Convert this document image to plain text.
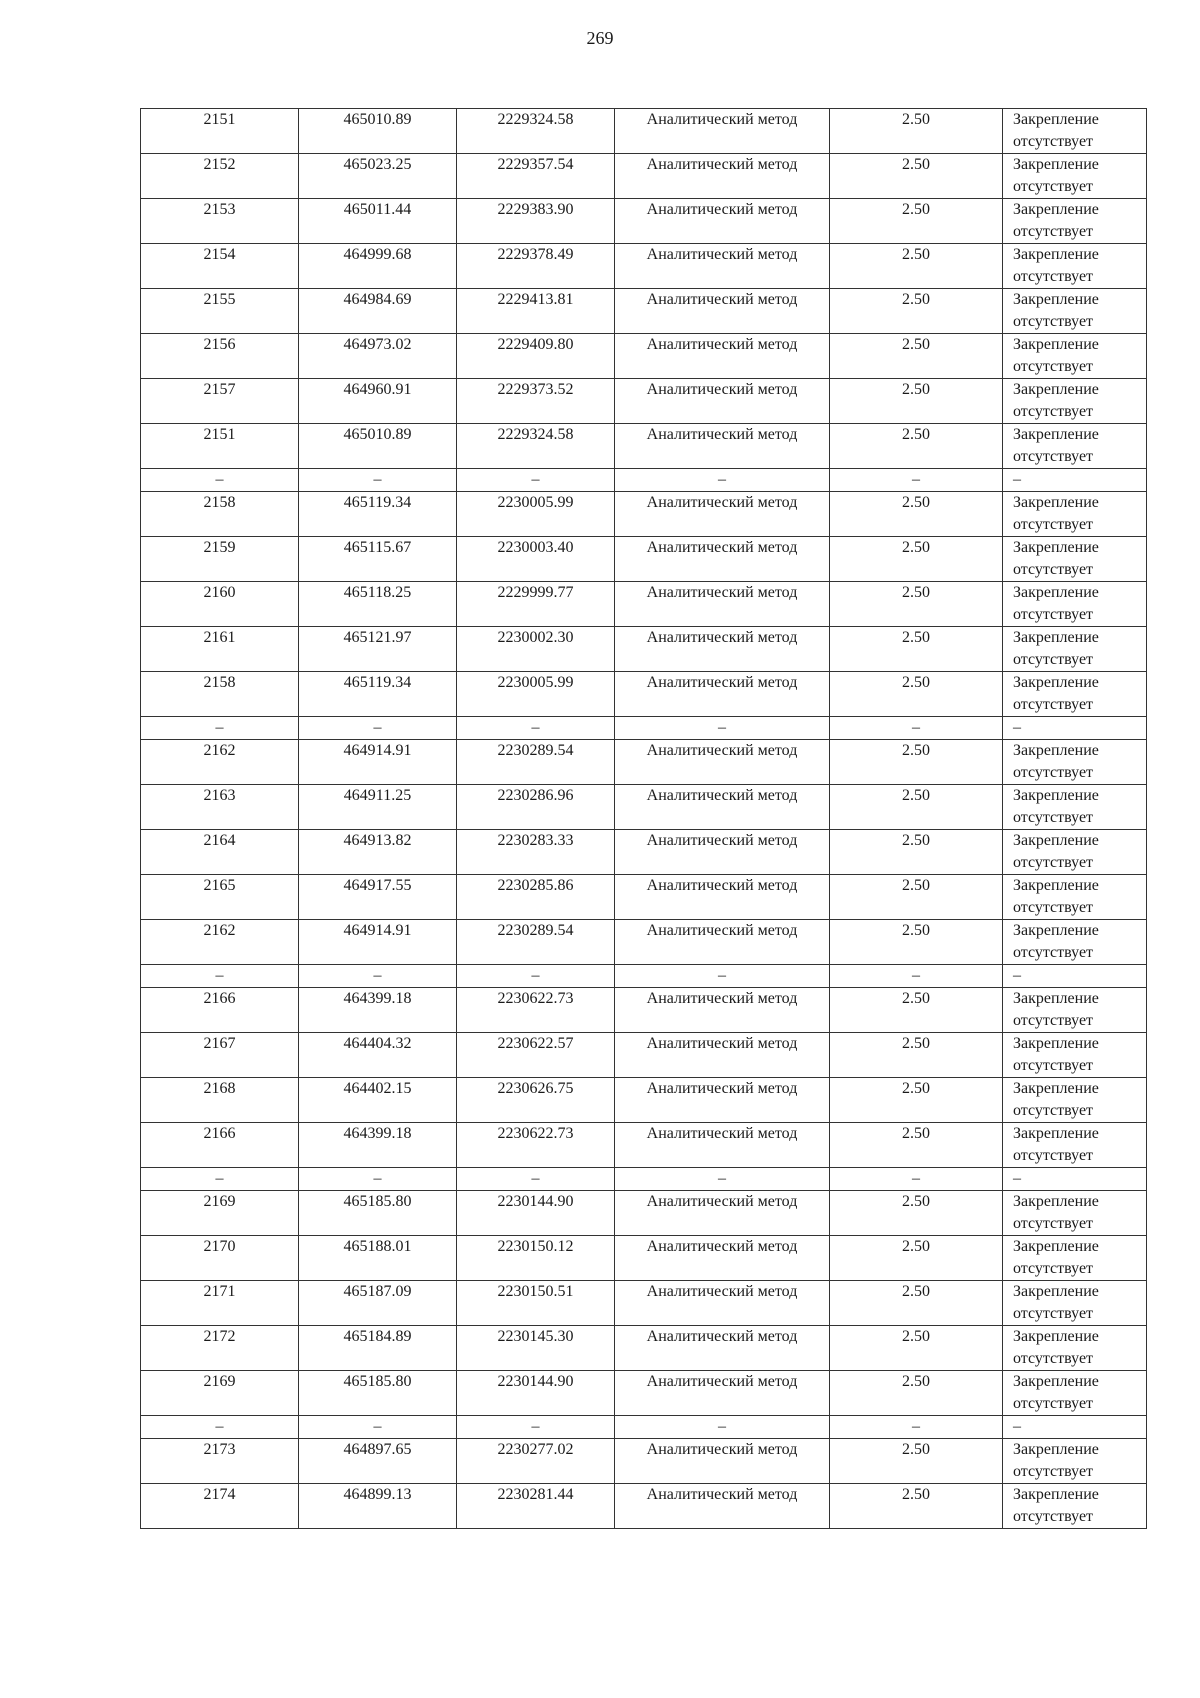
269
2151	465010.89	2229324.58	Аналитический метод	2.50	Закрепление отсутствует
2152	465023.25	2229357.54	Аналитический метод	2.50	Закрепление отсутствует
2153	465011.44	2229383.90	Аналитический метод	2.50	Закрепление отсутствует
2154	464999.68	2229378.49	Аналитический метод	2.50	Закрепление отсутствует
2155	464984.69	2229413.81	Аналитический метод	2.50	Закрепление отсутствует
2156	464973.02	2229409.80	Аналитический метод	2.50	Закрепление отсутствует
2157	464960.91	2229373.52	Аналитический метод	2.50	Закрепление отсутствует
2151	465010.89	2229324.58	Аналитический метод	2.50	Закрепление отсутствует
–	–	–	–	–	–
2158	465119.34	2230005.99	Аналитический метод	2.50	Закрепление отсутствует
2159	465115.67	2230003.40	Аналитический метод	2.50	Закрепление отсутствует
2160	465118.25	2229999.77	Аналитический метод	2.50	Закрепление отсутствует
2161	465121.97	2230002.30	Аналитический метод	2.50	Закрепление отсутствует
2158	465119.34	2230005.99	Аналитический метод	2.50	Закрепление отсутствует
–	–	–	–	–	–
2162	464914.91	2230289.54	Аналитический метод	2.50	Закрепление отсутствует
2163	464911.25	2230286.96	Аналитический метод	2.50	Закрепление отсутствует
2164	464913.82	2230283.33	Аналитический метод	2.50	Закрепление отсутствует
2165	464917.55	2230285.86	Аналитический метод	2.50	Закрепление отсутствует
2162	464914.91	2230289.54	Аналитический метод	2.50	Закрепление отсутствует
–	–	–	–	–	–
2166	464399.18	2230622.73	Аналитический метод	2.50	Закрепление отсутствует
2167	464404.32	2230622.57	Аналитический метод	2.50	Закрепление отсутствует
2168	464402.15	2230626.75	Аналитический метод	2.50	Закрепление отсутствует
2166	464399.18	2230622.73	Аналитический метод	2.50	Закрепление отсутствует
–	–	–	–	–	–
2169	465185.80	2230144.90	Аналитический метод	2.50	Закрепление отсутствует
2170	465188.01	2230150.12	Аналитический метод	2.50	Закрепление отсутствует
2171	465187.09	2230150.51	Аналитический метод	2.50	Закрепление отсутствует
2172	465184.89	2230145.30	Аналитический метод	2.50	Закрепление отсутствует
2169	465185.80	2230144.90	Аналитический метод	2.50	Закрепление отсутствует
–	–	–	–	–	–
2173	464897.65	2230277.02	Аналитический метод	2.50	Закрепление отсутствует
2174	464899.13	2230281.44	Аналитический метод	2.50	Закрепление отсутствует
